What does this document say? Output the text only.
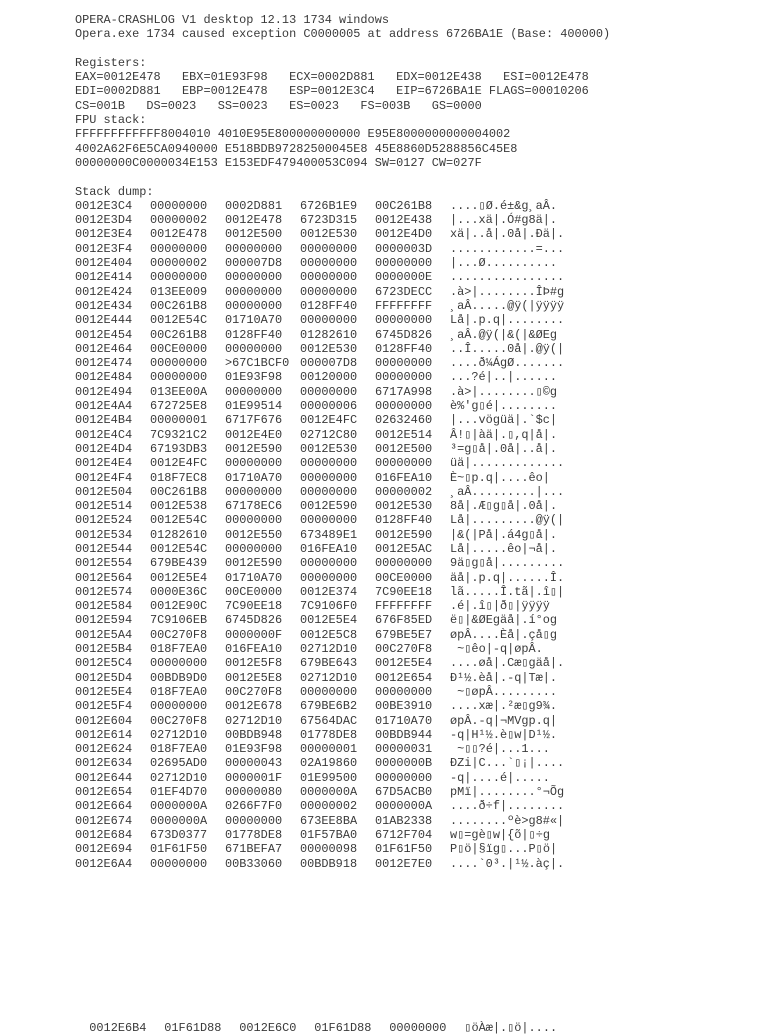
OPERA-CRASHLOG V1 desktop 12.13 1734 windows
Opera.exe 1734 caused exception C0000005 at address 6726BA1E (Base: 400000)
Registers:
EAX=0012E478   EBX=01E93F98   ECX=0002D881   EDX=0012E438   ESI=0012E478
EDI=0002D881   EBP=0012E478   ESP=0012E3C4   EIP=6726BA1E FLAGS=00010206
CS=001B   DS=0023   SS=0023   ES=0023   FS=003B   GS=0000
FPU stack:
FFFFFFFFFFFF8004010 4010E95E800000000000 E95E8000000000004002
4002A62F6E5CA0940000 E518BDB97282500045E8 45E8860D5288856C45E8
00000000C0000034E153 E153EDF479400053C094 SW=0127 CW=027F
Stack dump:
0012E3C4 00000000 0002D881 6726B1E9 00C261B8 ....▯Ø.é±&g¸aÂ.
0012E3D4 00000002 0012E478 6723D315 0012E438 |...xä|.Ó#g8ä|.
0012E3E4 0012E478 0012E500 0012E530 0012E4D0 xä|..å|.0å|.Ðä|.
0012E3F4 00000000 00000000 00000000 0000003D ............=...
0012E404 00000002 000007D8 00000000 00000000 |...Ø..........
0012E414 00000000 00000000 00000000 0000000E ................
0012E424 013EE009 00000000 00000000 6723DECC .à>|........ÎÞ#g
0012E434 00C261B8 00000000 0128FF40 FFFFFFFF ¸aÂ.....@ÿ(|ÿÿÿÿ
0012E444 0012E54C 01710A70 00000000 00000000 Lå|.p.q|........
0012E454 00C261B8 0128FF40 01282610 6745D826 ¸aÂ.@ÿ(|&(|&ØEg
0012E464 00CE0000 00000000 0012E530 0128FF40 ..Î.....0å|.@ÿ(|
0012E474 00000000 >67C1BCF0 000007D8 00000000 ....ð¼ÁgØ.......
0012E484 00000000 01E93F98 00120000 00000000 ...?é|..|......
0012E494 013EE00A 00000000 00000000 6717A998 .à>|........▯©g
0012E4A4 672725E8 01E99514 00000006 00000000 è%'g▯é|........
0012E4B4 00000001 6717F676 0012E4FC 02632460 |...vögüä|.`$c|
0012E4C4 7C9321C2 0012E4E0 02712C80 0012E514 Â!▯|àä|.▯,q|å|.
0012E4D4 67193DB3 0012E590 0012E530 0012E500 ³=g▯å|.0å|..å|.
0012E4E4 0012E4FC 00000000 00000000 00000000 üä|.............
0012E4F4 018F7EC8 01710A70 00000000 016FEA10 È~▯p.q|....êo|
0012E504 00C261B8 00000000 00000000 00000002 ¸aÂ.........|...
0012E514 0012E538 67178EC6 0012E590 0012E530 8å|.Æ▯g▯å|.0å|.
0012E524 0012E54C 00000000 00000000 0128FF40 Lå|.........@ÿ(|
0012E534 01282610 0012E550 673489E1 0012E590 |&(|På|.á4g▯å|.
0012E544 0012E54C 00000000 016FEA10 0012E5AC Lå|.....êo|¬å|.
0012E554 679BE439 0012E590 00000000 00000000 9ä▯g▯å|.........
0012E564 0012E5E4 01710A70 00000000 00CE0000 äå|.p.q|......Î.
0012E574 0000E36C 00CE0000 0012E374 7C90EE18 lã.....Î.tã|.î▯|
0012E584 0012E90C 7C90EE18 7C9106F0 FFFFFFFF .é|.î▯|ð▯|ÿÿÿÿ
0012E594 7C9106EB 6745D826 0012E5E4 676F85ED ë▯|&ØEgäå|.í°og
0012E5A4 00C270F8 0000000F 0012E5C8 679BE5E7 øpÂ....Èå|.çå▯g
0012E5B4 018F7EA0 016FEA10 02712D10 00C270F8 ~▯êo|-q|øpÂ.
0012E5C4 00000000 0012E5F8 679BE643 0012E5E4 ....øå|.Cæ▯gäå|.
0012E5D4 00BDB9D0 0012E5E8 02712D10 0012E654 Ð¹½.èå|.-q|Tæ|.
0012E5E4 018F7EA0 00C270F8 00000000 00000000 ~▯øpÂ.........
0012E5F4 00000000 0012E678 679BE6B2 00BE3910 ....xæ|.²æ▯g9¾.
0012E604 00C270F8 02712D10 67564DAC 01710A70 øpÂ.-q|¬MVgp.q|
0012E614 02712D10 00BDB948 01778DE8 00BDB944 -q|H¹½.è▯w|D¹½.
0012E624 018F7EA0 01E93F98 00000001 00000031 ~▯▯?é|...1...
0012E634 02695AD0 00000043 02A19860 0000000B ÐZi|C...`▯¡|....
0012E644 02712D10 0000001F 01E99500 00000000 -q|....é|.....
0012E654 01EF4D70 00000080 0000000A 67D5ACB0 pMï|........°¬Õg
0012E664 0000000A 0266F7F0 00000002 0000000A ....ð÷f|........
0012E674 0000000A 00000000 673EE8BA 01AB2338 ........ºè>g8#«|
0012E684 673D0377 01778DE8 01F57BA0 6712F704 w▯=gè▯w|{õ|▯÷g
0012E694 01F61F50 671BEFA7 00000098 01F61F50 P▯ö|§ïg▯...P▯ö|
0012E6A4 00000000 00B33060 00BDB918 0012E7E0 ....`0³.|¹½.àç|.

0012E6B4 01F61D88 0012E6C0 01F61D88 00000000 ▯öÀæ|.▯ö|....
